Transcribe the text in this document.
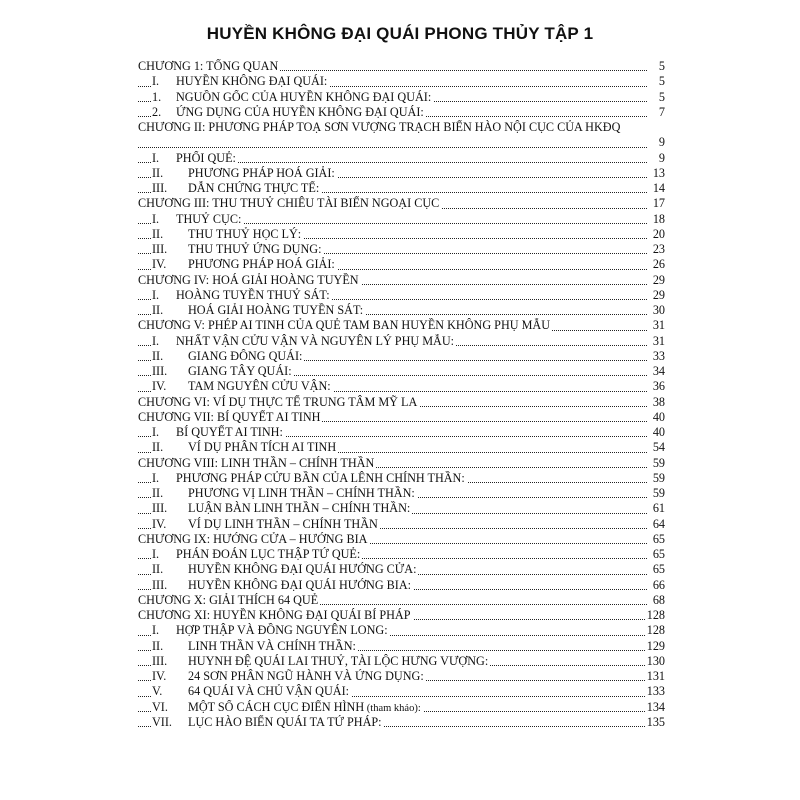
HUYỀN KHÔNG ĐẠI QUÁI PHONG THỦY TẬP 1
CHƯƠNG 1: TỔNG QUAN	5
I. HUYỀN KHÔNG ĐẠI QUÁI:	5
1. NGUỒN GỐC CỦA HUYỀN KHÔNG ĐẠI QUÁI:	5
2. ỨNG DỤNG CỦA HUYỀN KHÔNG ĐẠI QUÁI:	7
CHƯƠNG II: PHƯƠNG PHÁP TOẠ SƠN VƯỢNG TRẠCH BIẾN HÀO NỘI CỤC CỦA HKĐQ
9
I. PHỐI QUẺ:	9
II. PHƯƠNG PHÁP HOÁ GIẢI:	13
III. DẪN CHỨNG THỰC TẾ:	14
CHƯƠNG III: THU THUỶ CHIÊU TÀI BIẾN NGOẠI CỤC	17
I. THUỶ CỤC:	18
II. THU THUỶ HỌC LÝ:	20
III. THU THUỶ ỨNG DỤNG:	23
IV. PHƯƠNG PHÁP HOÁ GIẢI:	26
CHƯƠNG IV: HOÁ GIẢI HOÀNG TUYỀN	29
I. HOÀNG TUYỀN THUỶ SÁT:	29
II. HOÁ GIẢI HOÀNG TUYỀN SÁT:	30
CHƯƠNG V: PHÉP AI TINH CỦA QUẺ TAM BAN HUYỀN KHÔNG PHỤ MẪU	31
I. NHẤT VẬN CỬU VẬN VÀ NGUYÊN LÝ PHỤ MẪU:	31
II. GIANG ĐÔNG QUÁI:	33
III. GIANG TÂY QUÁI:	34
IV. TAM NGUYÊN CỬU VẬN:	36
CHƯƠNG VI: VÍ DỤ THỰC TẾ TRUNG TÂM MỸ LA	38
CHƯƠNG VII: BÍ QUYẾT AI TINH	40
I. BÍ QUYẾT AI TINH:	40
II. VÍ DỤ PHÂN TÍCH AI TINH	54
CHƯƠNG VIII: LINH THẦN – CHÍNH THẦN	59
I. PHƯƠNG PHÁP CỬU BẦN CỦA LÊNH CHÍNH THẦN:	59
II. PHƯƠNG VỊ LINH THẦN – CHÍNH THẦN:	59
III. LUẬN BÀN LINH THẦN – CHÍNH THẦN:	61
IV. VÍ DỤ LINH THẦN – CHÍNH THẦN	64
CHƯƠNG IX: HƯỚNG CỬA – HƯỚNG BIA	65
I. PHÁN ĐOÁN LỤC THẬP TỨ QUẺ:	65
II. HUYỀN KHÔNG ĐẠI QUÁI HƯỚNG CỬA:	65
III. HUYỀN KHÔNG ĐẠI QUÁI HƯỚNG BIA:	66
CHƯƠNG X: GIẢI THÍCH 64 QUẺ	68
CHƯƠNG XI: HUYỀN KHÔNG ĐẠI QUÁI BÍ PHÁP	128
I. HỢP THẬP VÀ ĐỒNG NGUYÊN LONG:	128
II. LINH THẦN VÀ CHÍNH THẦN:	129
III. HUYNH ĐỆ QUÁI LAI THUỶ, TÀI LỘC HƯNG VƯỢNG:	130
IV. 24 SƠN PHÂN NGŨ HÀNH VÀ ỨNG DỤNG:	131
V. 64 QUÁI VÀ CHỦ VẬN QUÁI:	133
VI. MỘT SỐ CÁCH CỤC ĐIỂN HÌNH (tham khảo):	134
VII. LỤC HÀO BIẾN QUÁI TA TỨ PHÁP:	135
